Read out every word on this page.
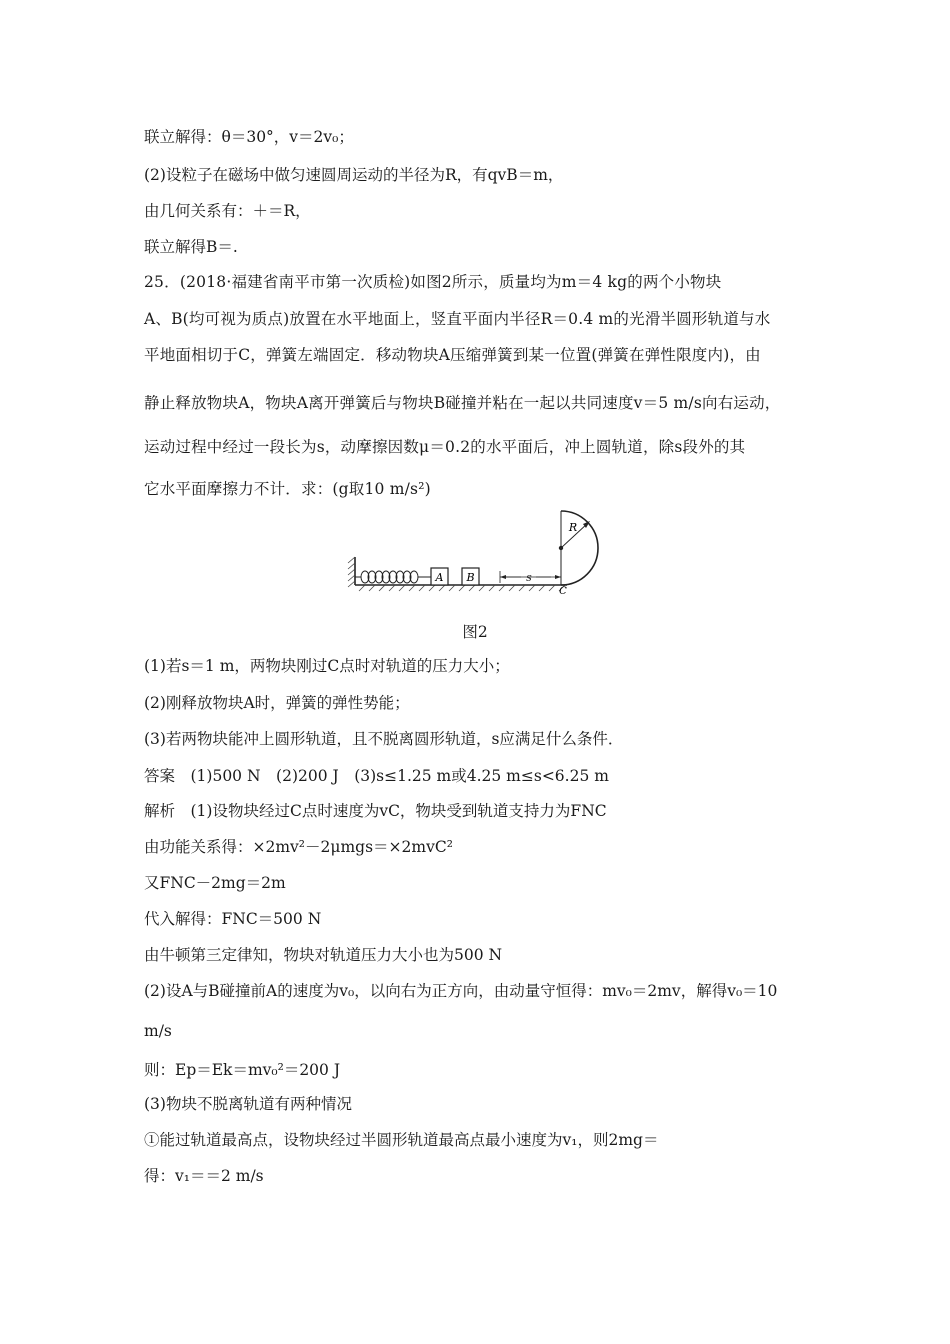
联立解得：θ＝30°，v＝2v₀；
(2)设粒子在磁场中做匀速圆周运动的半径为R，有qvB＝m，
由几何关系有：＋＝R，
联立解得B＝.
25．(2018·福建省南平市第一次质检)如图2所示，质量均为m＝4 kg的两个小物块
A、B(均可视为质点)放置在水平地面上，竖直平面内半径R＝0.4 m的光滑半圆形轨道与水
平地面相切于C，弹簧左端固定．移动物块A压缩弹簧到某一位置(弹簧在弹性限度内)，由
静止释放物块A，物块A离开弹簧后与物块B碰撞并粘在一起以共同速度v＝5 m/s向右运动，
运动过程中经过一段长为s，动摩擦因数μ＝0.2的水平面后，冲上圆轨道，除s段外的其
它水平面摩擦力不计．求：(g取10 m/s²)
A B	s
R
C
图2
(1)若s＝1 m，两物块刚过C点时对轨道的压力大小；
(2)刚释放物块A时，弹簧的弹性势能；
(3)若两物块能冲上圆形轨道，且不脱离圆形轨道，s应满足什么条件．
答案　(1)500 N　(2)200 J　(3)s≤1.25 m或4.25 m≤s<6.25 m
解析　(1)设物块经过C点时速度为vC，物块受到轨道支持力为FNC
由功能关系得：×2mv²－2μmgs＝×2mvC²
又FNC－2mg＝2m
代入解得：FNC＝500 N
由牛顿第三定律知，物块对轨道压力大小也为500 N
(2)设A与B碰撞前A的速度为v₀，以向右为正方向，由动量守恒得：mv₀＝2mv，解得v₀＝10
m/s
则：Ep＝Ek＝mv₀²＝200 J
(3)物块不脱离轨道有两种情况
①能过轨道最高点，设物块经过半圆形轨道最高点最小速度为v₁，则2mg＝
得：v₁＝＝2 m/s
